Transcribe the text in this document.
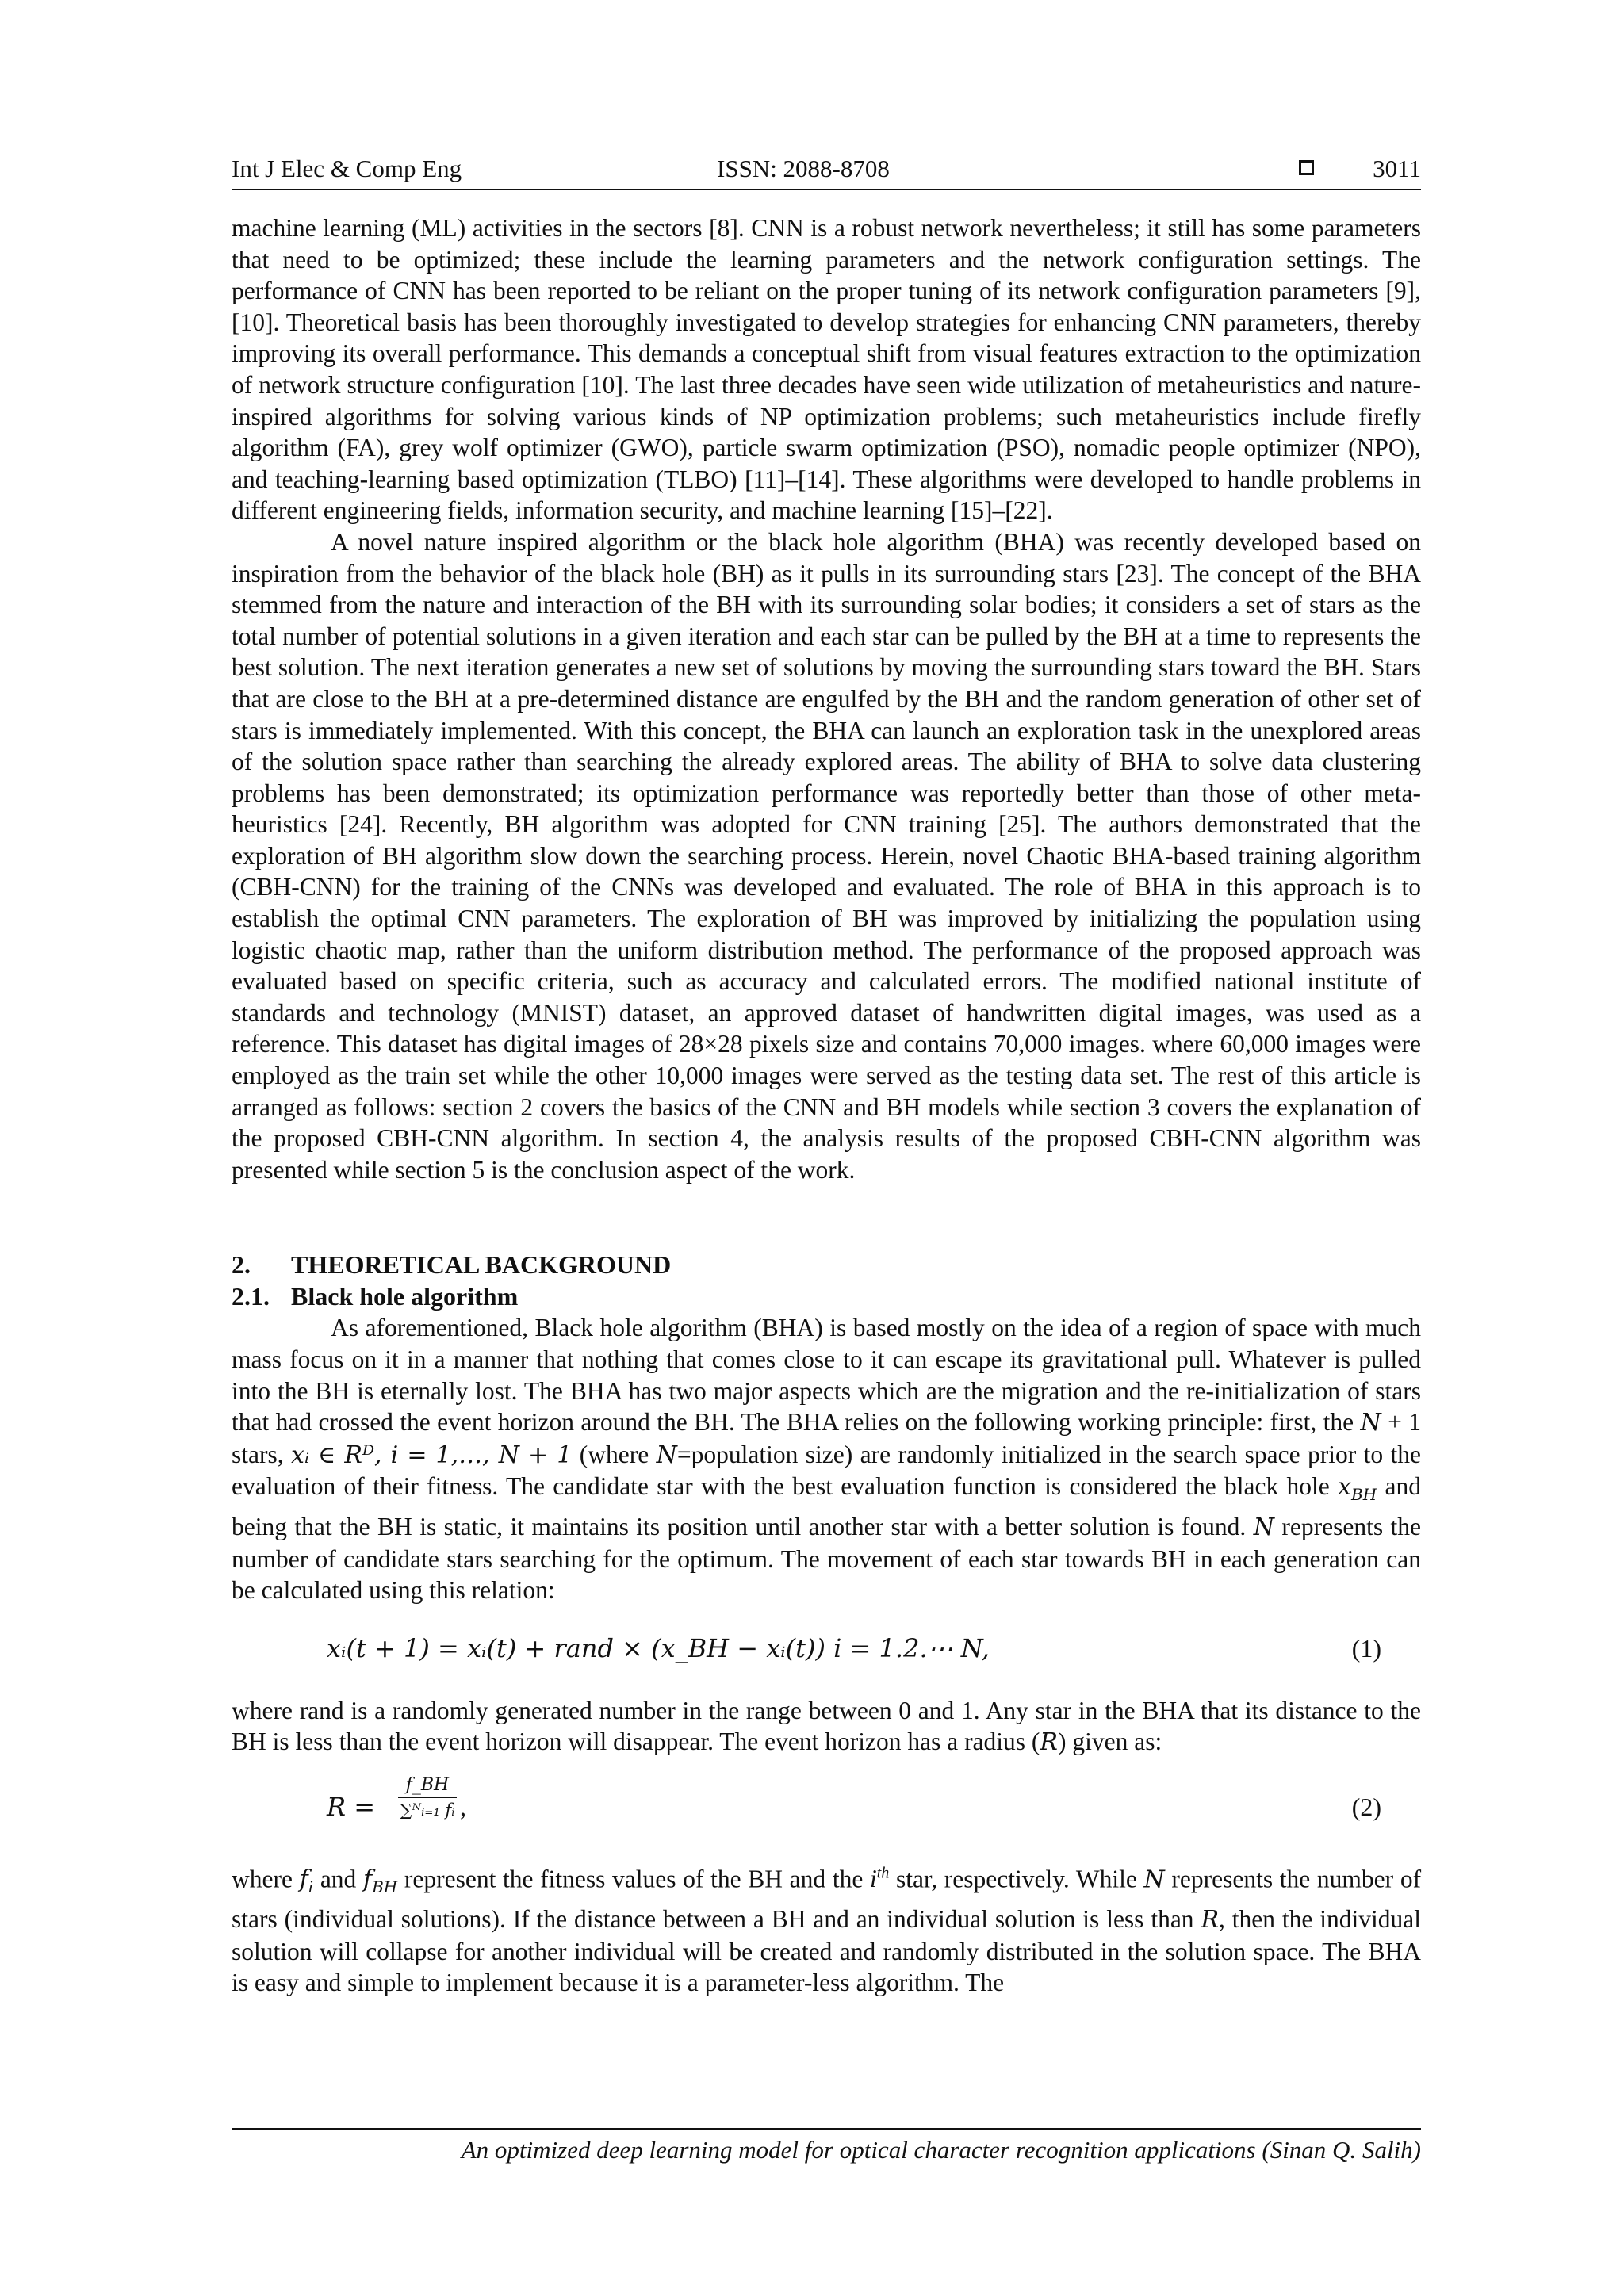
Int J Elec & Comp Eng	ISSN: 2088-8708	3011

machine learning (ML) activities in the sectors [8]. CNN is a robust network nevertheless; it still has some parameters that need to be optimized; these include the learning parameters and the network configuration settings. The performance of CNN has been reported to be reliant on the proper tuning of its network configuration parameters [9], [10]. Theoretical basis has been thoroughly investigated to develop strategies for enhancing CNN parameters, thereby improving its overall performance. This demands a conceptual shift from visual features extraction to the optimization of network structure configuration [10]. The last three decades have seen wide utilization of metaheuristics and nature-inspired algorithms for solving various kinds of NP optimization problems; such metaheuristics include firefly algorithm (FA), grey wolf optimizer (GWO), particle swarm optimization (PSO), nomadic people optimizer (NPO), and teaching-learning based optimization (TLBO) [11]–[14]. These algorithms were developed to handle problems in different engineering fields, information security, and machine learning [15]–[22].

A novel nature inspired algorithm or the black hole algorithm (BHA) was recently developed based on inspiration from the behavior of the black hole (BH) as it pulls in its surrounding stars [23]. The concept of the BHA stemmed from the nature and interaction of the BH with its surrounding solar bodies; it considers a set of stars as the total number of potential solutions in a given iteration and each star can be pulled by the BH at a time to represents the best solution. The next iteration generates a new set of solutions by moving the surrounding stars toward the BH. Stars that are close to the BH at a pre-determined distance are engulfed by the BH and the random generation of other set of stars is immediately implemented. With this concept, the BHA can launch an exploration task in the unexplored areas of the solution space rather than searching the already explored areas. The ability of BHA to solve data clustering problems has been demonstrated; its optimization performance was reportedly better than those of other meta-heuristics [24]. Recently, BH algorithm was adopted for CNN training [25]. The authors demonstrated that the exploration of BH algorithm slow down the searching process. Herein, novel Chaotic BHA-based training algorithm (CBH-CNN) for the training of the CNNs was developed and evaluated. The role of BHA in this approach is to establish the optimal CNN parameters. The exploration of BH was improved by initializing the population using logistic chaotic map, rather than the uniform distribution method. The performance of the proposed approach was evaluated based on specific criteria, such as accuracy and calculated errors. The modified national institute of standards and technology (MNIST) dataset, an approved dataset of handwritten digital images, was used as a reference. This dataset has digital images of 28×28 pixels size and contains 70,000 images. where 60,000 images were employed as the train set while the other 10,000 images were served as the testing data set. The rest of this article is arranged as follows: section 2 covers the basics of the CNN and BH models while section 3 covers the explanation of the proposed CBH-CNN algorithm. In section 4, the analysis results of the proposed CBH-CNN algorithm was presented while section 5 is the conclusion aspect of the work.

2. THEORETICAL BACKGROUND

2.1. Black hole algorithm

As aforementioned, Black hole algorithm (BHA) is based mostly on the idea of a region of space with much mass focus on it in a manner that nothing that comes close to it can escape its gravitational pull. Whatever is pulled into the BH is eternally lost. The BHA has two major aspects which are the migration and the re-initialization of stars that had crossed the event horizon around the BH. The BHA relies on the following working principle: first, the N + 1 stars, xᵢ ∈ Rᴰ, i = 1,…, N + 1 (where N=population size) are randomly initialized in the search space prior to the evaluation of their fitness. The candidate star with the best evaluation function is considered the black hole $x_{BH}$ and being that the BH is static, it maintains its position until another star with a better solution is found. N represents the number of candidate stars searching for the optimum. The movement of each star towards BH in each generation can be calculated using this relation:

xᵢ(t + 1) = xᵢ(t) + rand × (x_BH − xᵢ(t)) i = 1.2.⋯ N,	(1)

where rand is a randomly generated number in the range between 0 and 1. Any star in the BHA that its distance to the BH is less than the event horizon will disappear. The event horizon has a radius (R) given as:

$R = \frac{f\_BH}{\text{∑ᴺᵢ₌₁ fᵢ}}$ ,	(2)

where $f_i$ and $f_{BH}$ represent the fitness values of the BH and the $i^{th}$ star, respectively. While N represents the number of stars (individual solutions). If the distance between a BH and an individual solution is less than R, then the individual solution will collapse for another individual will be created and randomly distributed in the solution space. The BHA is easy and simple to implement because it is a parameter-less algorithm. The

An optimized deep learning model for optical character recognition applications (Sinan Q. Salih)
